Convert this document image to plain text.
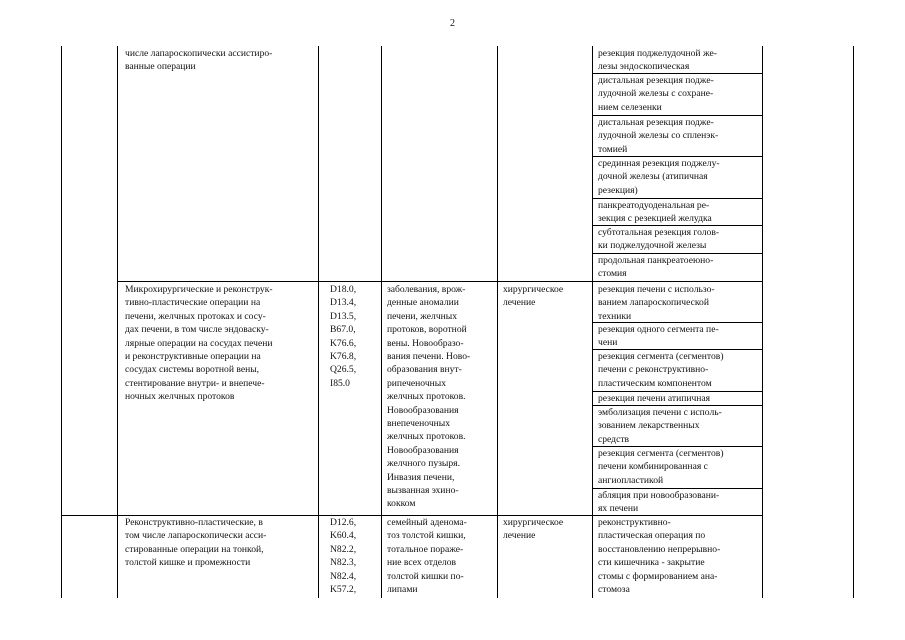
2
числе лапароскопически ассистиро-
ванные операции
резекция поджелудочной же-
лезы эндоскопическая
дистальная резекция поджe-
лудочной железы с сохране-
нием селезенки
дистальная резекция поджe-
лудочной железы со спленэк-
томией
срединная резекция поджелу-
дочной железы (атипичная
резекция)
панкреатодуоденальная ре-
зекция с резекцией желудка
субтотальная резекция голов-
ки поджелудочной железы
продольная панкреатоеюно-
стомия
Микрохирургические и реконструк-
тивно-пластические операции на
печени, желчных протоках и сосу-
дах печени, в том числе эндоваску-
лярные операции на сосудах печени
и реконструктивные операции на
сосудах системы воротной вены,
стентирование внутри- и внепече-
ночных желчных протоков
D18.0,
D13.4,
D13.5,
B67.0,
K76.6,
K76.8,
Q26.5,
I85.0
заболевания, врож-
денные аномалии
печени, желчных
протоков, воротной
вены. Новообразо-
вания печени. Ново-
образования внут-
рипеченочных
желчных протоков.
Новообразования
внепеченочных
желчных протоков.
Новообразования
желчного пузыря.
Инвазия печени,
вызванная эхино-
кокком
хирургическое
лечение
резекция печени с использо-
ванием лапароскопической
техники
резекция одного сегмента пе-
чени
резекция сегмента (сегментов)
печени с реконструктивно-
пластическим компонентом
резекция печени атипичная
эмболизация печени с исполь-
зованием лекарственных
средств
резекция сегмента (сегментов)
печени комбинированная с
ангиопластикой
абляция при новообразовани-
ях печени
Реконструктивно-пластические, в
том числе лапароскопически асси-
стированные операции на тонкой,
толстой кишке и промежности
D12.6,
K60.4,
N82.2,
N82.3,
N82.4,
K57.2,
семейный аденома-
тоз толстой кишки,
тотальное пораже-
ние всех отделов
толстой кишки по-
липами
хирургическое
лечение
реконструктивно-
пластическая операция по
восстановлению непрерывно-
сти кишечника - закрытие
стомы с формированием ана-
стомоза
